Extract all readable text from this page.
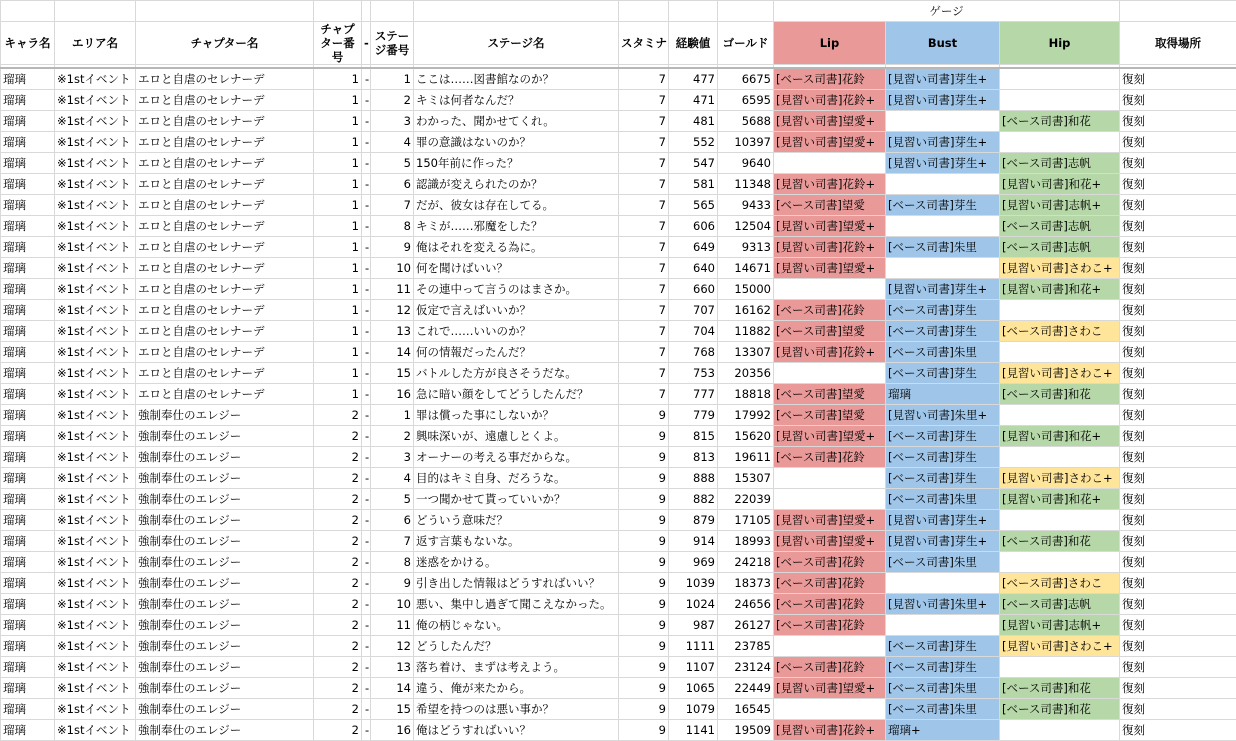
										ゲージ			
キャラ名	エリア名	チャプター名	チャプター番号	-	ステージ番号	ステージ名	スタミナ	経験値	ゴールド	Lip	Bust	Hip	取得場所

瑠璃	※1stイベント	エロと自虐のセレナーデ	1	-	1	ここは……図書館なのか？	7	477	6675	[ベース司書]花鈴	[見習い司書]芽生+		復刻
瑠璃	※1stイベント	エロと自虐のセレナーデ	1	-	2	キミは何者なんだ？	7	471	6595	[見習い司書]花鈴+	[見習い司書]芽生+		復刻
瑠璃	※1stイベント	エロと自虐のセレナーデ	1	-	3	わかった、聞かせてくれ。	7	481	5688	[見習い司書]望愛+		[ベース司書]和花	復刻
瑠璃	※1stイベント	エロと自虐のセレナーデ	1	-	4	罪の意識はないのか？	7	552	10397	[見習い司書]望愛+	[見習い司書]芽生+		復刻
瑠璃	※1stイベント	エロと自虐のセレナーデ	1	-	5	150年前に作った？	7	547	9640		[見習い司書]芽生+	[ベース司書]志帆	復刻
瑠璃	※1stイベント	エロと自虐のセレナーデ	1	-	6	認識が変えられたのか？	7	581	11348	[見習い司書]花鈴+		[見習い司書]和花+	復刻
瑠璃	※1stイベント	エロと自虐のセレナーデ	1	-	7	だが、彼女は存在してる。	7	565	9433	[ベース司書]望愛	[ベース司書]芽生	[見習い司書]志帆+	復刻
瑠璃	※1stイベント	エロと自虐のセレナーデ	1	-	8	キミが……邪魔をした？	7	606	12504	[見習い司書]望愛+		[ベース司書]志帆	復刻
瑠璃	※1stイベント	エロと自虐のセレナーデ	1	-	9	俺はそれを変える為に。	7	649	9313	[見習い司書]花鈴+	[ベース司書]朱里	[ベース司書]志帆	復刻
瑠璃	※1stイベント	エロと自虐のセレナーデ	1	-	10	何を聞けばいい？	7	640	14671	[見習い司書]望愛+		[見習い司書]さわこ+	復刻
瑠璃	※1stイベント	エロと自虐のセレナーデ	1	-	11	その連中って言うのはまさか。	7	660	15000		[見習い司書]芽生+	[見習い司書]和花+	復刻
瑠璃	※1stイベント	エロと自虐のセレナーデ	1	-	12	仮定で言えばいいか？	7	707	16162	[ベース司書]花鈴	[ベース司書]芽生		復刻
瑠璃	※1stイベント	エロと自虐のセレナーデ	1	-	13	これで……いいのか？	7	704	11882	[ベース司書]望愛	[ベース司書]芽生	[ベース司書]さわこ	復刻
瑠璃	※1stイベント	エロと自虐のセレナーデ	1	-	14	何の情報だったんだ？	7	768	13307	[見習い司書]花鈴+	[ベース司書]朱里		復刻
瑠璃	※1stイベント	エロと自虐のセレナーデ	1	-	15	バトルした方が良さそうだな。	7	753	20356		[ベース司書]芽生	[見習い司書]さわこ+	復刻
瑠璃	※1stイベント	エロと自虐のセレナーデ	1	-	16	急に暗い顔をしてどうしたんだ？	7	777	18818	[ベース司書]望愛	瑠璃	[ベース司書]和花	復刻
瑠璃	※1stイベント	強制奉仕のエレジー	2	-	1	罪は償った事にしないか？	9	779	17992	[ベース司書]望愛	[見習い司書]朱里+		復刻
瑠璃	※1stイベント	強制奉仕のエレジー	2	-	2	興味深いが、遠慮しとくよ。	9	815	15620	[見習い司書]望愛+	[ベース司書]芽生	[見習い司書]和花+	復刻
瑠璃	※1stイベント	強制奉仕のエレジー	2	-	3	オーナーの考える事だからな。	9	813	19611	[ベース司書]花鈴	[ベース司書]芽生		復刻
瑠璃	※1stイベント	強制奉仕のエレジー	2	-	4	目的はキミ自身、だろうな。	9	888	15307		[ベース司書]芽生	[見習い司書]さわこ+	復刻
瑠璃	※1stイベント	強制奉仕のエレジー	2	-	5	一つ聞かせて貰っていいか？	9	882	22039		[ベース司書]朱里	[見習い司書]和花+	復刻
瑠璃	※1stイベント	強制奉仕のエレジー	2	-	6	どういう意味だ？	9	879	17105	[見習い司書]望愛+	[見習い司書]芽生+		復刻
瑠璃	※1stイベント	強制奉仕のエレジー	2	-	7	返す言葉もないな。	9	914	18993	[見習い司書]望愛+	[見習い司書]芽生+	[ベース司書]和花	復刻
瑠璃	※1stイベント	強制奉仕のエレジー	2	-	8	迷惑をかける。	9	969	24218	[ベース司書]花鈴	[ベース司書]朱里		復刻
瑠璃	※1stイベント	強制奉仕のエレジー	2	-	9	引き出した情報はどうすればいい？	9	1039	18373	[ベース司書]花鈴		[ベース司書]さわこ	復刻
瑠璃	※1stイベント	強制奉仕のエレジー	2	-	10	悪い、集中し過ぎて聞こえなかった。	9	1024	24656	[ベース司書]花鈴	[見習い司書]朱里+	[ベース司書]志帆	復刻
瑠璃	※1stイベント	強制奉仕のエレジー	2	-	11	俺の柄じゃない。	9	987	26127	[ベース司書]花鈴		[見習い司書]志帆+	復刻
瑠璃	※1stイベント	強制奉仕のエレジー	2	-	12	どうしたんだ？	9	1111	23785		[ベース司書]芽生	[見習い司書]さわこ+	復刻
瑠璃	※1stイベント	強制奉仕のエレジー	2	-	13	落ち着け、まずは考えよう。	9	1107	23124	[ベース司書]花鈴	[ベース司書]芽生		復刻
瑠璃	※1stイベント	強制奉仕のエレジー	2	-	14	違う、俺が来たから。	9	1065	22449	[見習い司書]望愛+	[ベース司書]朱里	[ベース司書]和花	復刻
瑠璃	※1stイベント	強制奉仕のエレジー	2	-	15	希望を持つのは悪い事か？	9	1079	16545		[ベース司書]朱里	[ベース司書]和花	復刻
瑠璃	※1stイベント	強制奉仕のエレジー	2	-	16	俺はどうすればいい？	9	1141	19509	[見習い司書]花鈴+	瑠璃+		復刻
